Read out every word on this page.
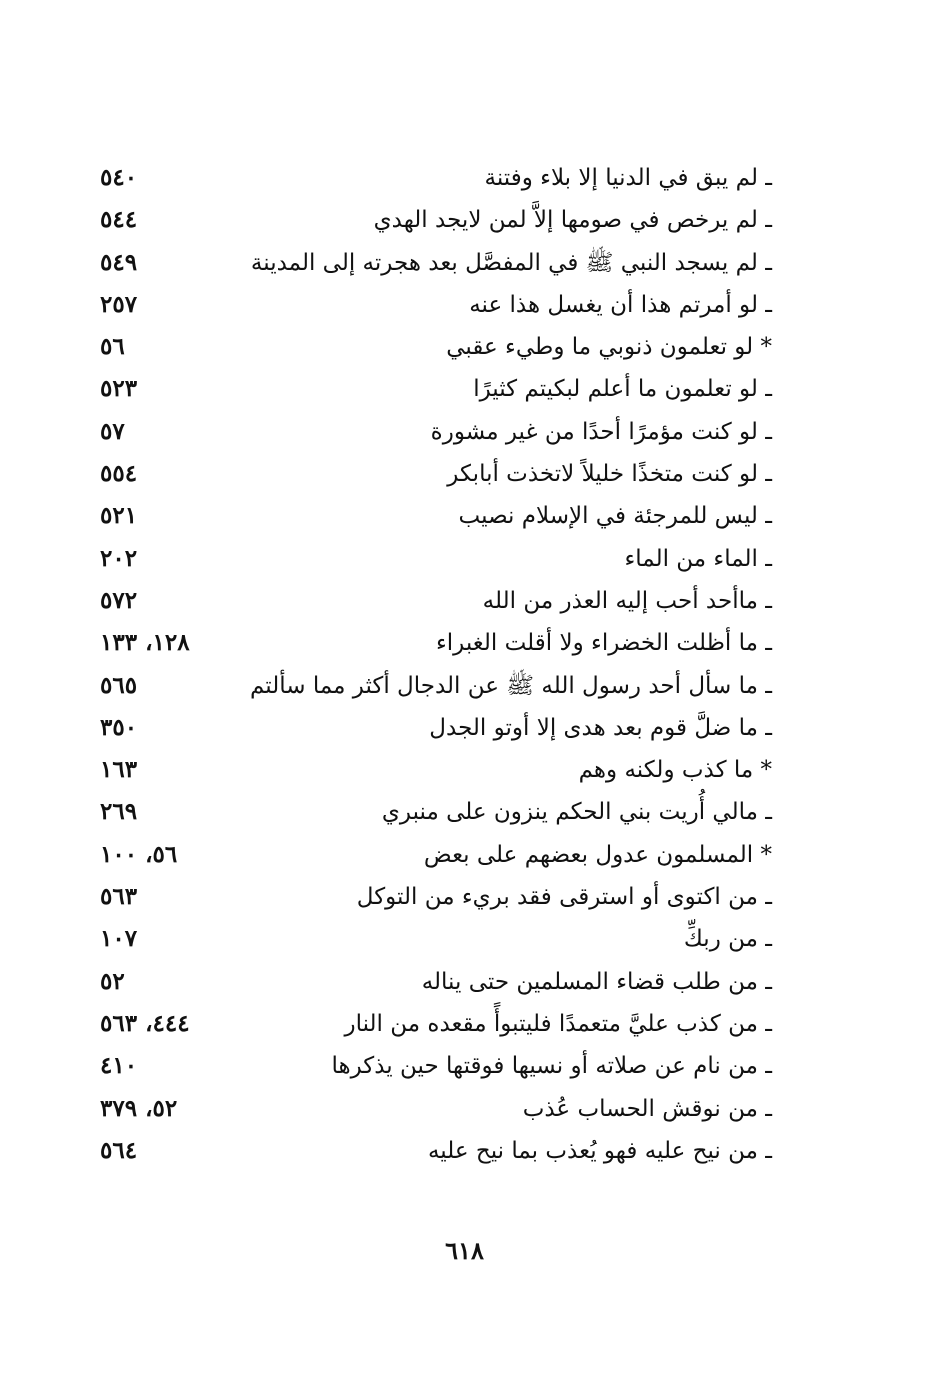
ـ لم يبق في الدنيا إلا بلاء وفتنة
٥٤٠
ـ لم يرخص في صومها إلاَّ لمن لايجد الهدي
٥٤٤
ـ لم يسجد النبي ﷺ في المفصَّل بعد هجرته إلى المدينة
٥٤٩
ـ لو أمرتم هذا أن يغسل هذا عنه
٢٥٧
* لو تعلمون ذنوبي ما وطيء عقبي
٥٦
ـ لو تعلمون ما أعلم لبكيتم كثيرًا
٥٢٣
ـ لو كنت مؤمرًا أحدًا من غير مشورة
٥٧
ـ لو كنت متخذًا خليلاً لاتخذت أبابكر
٥٥٤
ـ ليس للمرجئة في الإسلام نصيب
٥٢١
ـ الماء من الماء
٢٠٢
ـ ماأحد أحب إليه العذر من الله
٥٧٢
ـ ما أظلت الخضراء ولا أقلت الغبراء
١٢٨، ١٣٣
ـ ما سأل أحد رسول الله ﷺ عن الدجال أكثر مما سألتم
٥٦٥
ـ ما ضلَّ قوم بعد هدى إلا أوتو الجدل
٣٥٠
* ما كذب ولكنه وهم
١٦٣
ـ مالي أُريت بني الحكم ينزون على منبري
٢٦٩
* المسلمون عدول بعضهم على بعض
٥٦، ١٠٠
ـ من اكتوى أو استرقى فقد بريء من التوكل
٥٦٣
ـ من ربكِّ
١٠٧
ـ من طلب قضاء المسلمين حتى يناله
٥٢
ـ من كذب عليَّ متعمدًا فليتبوأً مقعده من النار
٤٤٤، ٥٦٣
ـ من نام عن صلاته أو نسيها فوقتها حين يذكرها
٤١٠
ـ من نوقش الحساب عُذب
٥٢، ٣٧٩
ـ من نيح عليه فهو يُعذب بما نيح عليه
٥٦٤
٦١٨
